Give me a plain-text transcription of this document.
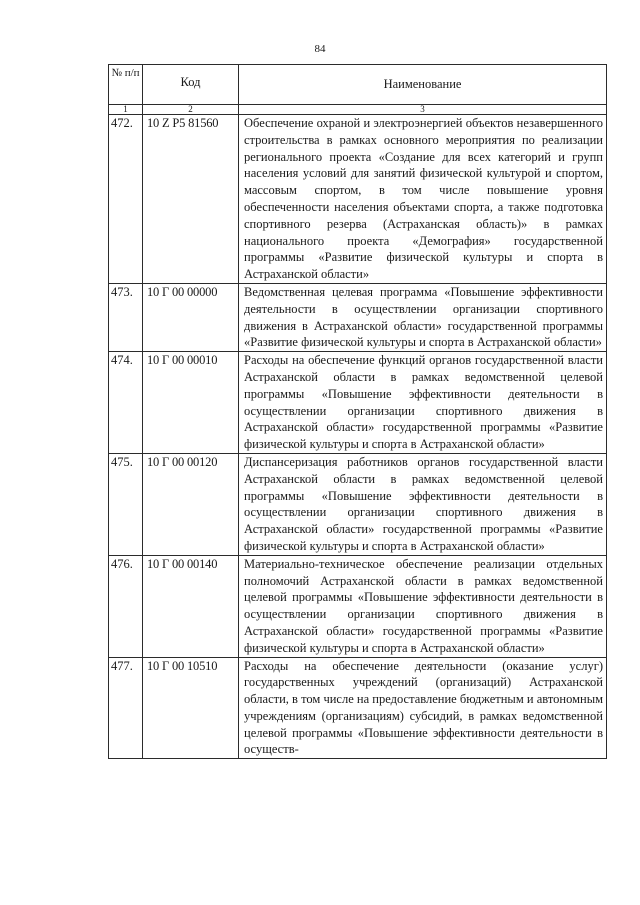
84
№ п/п	Код	Наименование
1	2	3
472.	10 Z P5 81560	Обеспечение охраной и электроэнергией объектов незавершенного строительства в рамках основного мероприятия по реализации регионального проекта «Создание для всех категорий и групп населения условий для занятий физической культурой и спортом, массовым спортом, в том числе повышение уровня обеспеченности населения объектами спорта, а также подготовка спортивного резерва (Астраханская область)» в рамках национального проекта «Демография» государственной программы «Развитие физической культуры и спорта в Астраханской области»
473.	10 Г 00 00000	Ведомственная целевая программа «Повышение эффективности деятельности в осуществлении организации спортивного движения в Астраханской области» государственной программы «Развитие физической культуры и спорта в Астраханской области»
474.	10 Г 00 00010	Расходы на обеспечение функций органов государственной власти Астраханской области в рамках ведомственной целевой программы «Повышение эффективности деятельности в осуществлении организации спортивного движения в Астраханской области» государственной программы «Развитие физической культуры и спорта в Астраханской области»
475.	10 Г 00 00120	Диспансеризация работников органов государственной власти Астраханской области в рамках ведомственной целевой программы «Повышение эффективности деятельности в осуществлении организации спортивного движения в Астраханской области» государственной программы «Развитие физической культуры и спорта в Астраханской области»
476.	10 Г 00 00140	Материально-техническое обеспечение реализации отдельных полномочий Астраханской области в рамках ведомственной целевой программы «Повышение эффективности деятельности в осуществлении организации спортивного движения в Астраханской области» государственной программы «Развитие физической культуры и спорта в Астраханской области»
477.	10 Г 00 10510	Расходы на обеспечение деятельности (оказание услуг) государственных учреждений (организаций) Астраханской области, в том числе на предоставление бюджетным и автономным учреждениям (организациям) субсидий, в рамках ведомственной целевой программы «Повышение эффективности деятельности в осуществ-
